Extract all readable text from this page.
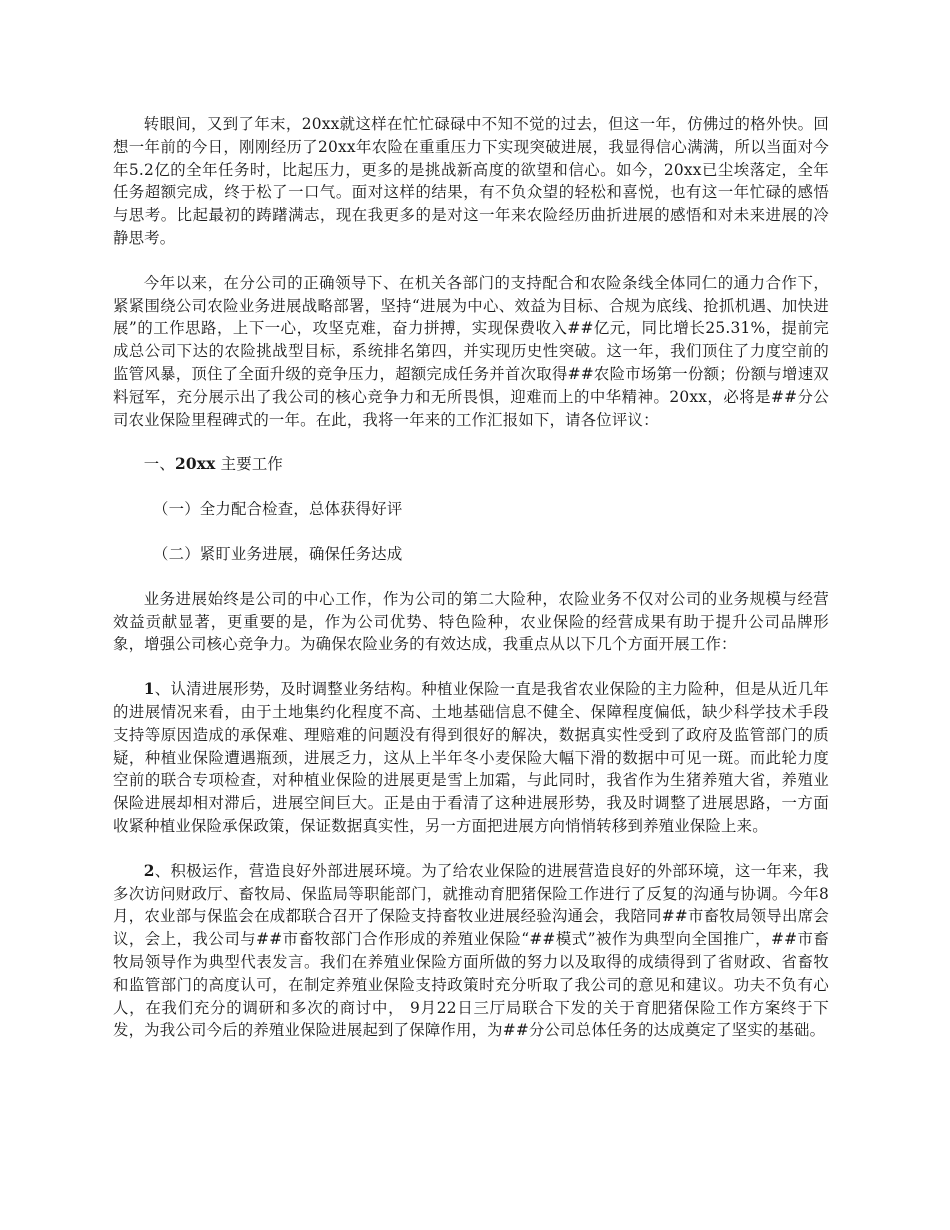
转眼间，又到了年末，20xx就这样在忙忙碌碌中不知不觉的过去，但这一年，仿佛过的格外快。回想一年前的今日，刚刚经历了20xx年农险在重重压力下实现突破进展，我显得信心满满，所以当面对今年5.2亿的全年任务时，比起压力，更多的是挑战新高度的欲望和信心。如今，20xx已尘埃落定，全年任务超额完成，终于松了一口气。面对这样的结果，有不负众望的轻松和喜悦，也有这一年忙碌的感悟与思考。比起最初的踌躇满志，现在我更多的是对这一年来农险经历曲折进展的感悟和对未来进展的冷静思考。

今年以来，在分公司的正确领导下、在机关各部门的支持配合和农险条线全体同仁的通力合作下，紧紧围绕公司农险业务进展战略部署，坚持“进展为中心、效益为目标、合规为底线、抢抓机遇、加快进展”的工作思路，上下一心，攻坚克难，奋力拼搏，实现保费收入##亿元，同比增长25.31%，提前完成总公司下达的农险挑战型目标，系统排名第四，并实现历史性突破。这一年，我们顶住了力度空前的监管风暴，顶住了全面升级的竞争压力，超额完成任务并首次取得##农险市场第一份额；份额与增速双料冠军，充分展示出了我公司的核心竞争力和无所畏惧，迎难而上的中华精神。20xx，必将是##分公司农业保险里程碑式的一年。在此，我将一年来的工作汇报如下，请各位评议：

一、20xx 主要工作

（一）全力配合检查，总体获得好评

（二）紧盯业务进展，确保任务达成

业务进展始终是公司的中心工作，作为公司的第二大险种，农险业务不仅对公司的业务规模与经营效益贡献显著，更重要的是，作为公司优势、特色险种，农业保险的经营成果有助于提升公司品牌形象，增强公司核心竞争力。为确保农险业务的有效达成，我重点从以下几个方面开展工作：

1、认清进展形势，及时调整业务结构。种植业保险一直是我省农业保险的主力险种，但是从近几年的进展情况来看，由于土地集约化程度不高、土地基础信息不健全、保障程度偏低，缺少科学技术手段支持等原因造成的承保难、理赔难的问题没有得到很好的解决，数据真实性受到了政府及监管部门的质疑，种植业保险遭遇瓶颈，进展乏力，这从上半年冬小麦保险大幅下滑的数据中可见一斑。而此轮力度空前的联合专项检查，对种植业保险的进展更是雪上加霜，与此同时，我省作为生猪养殖大省，养殖业保险进展却相对滞后，进展空间巨大。正是由于看清了这种进展形势，我及时调整了进展思路，一方面收紧种植业保险承保政策，保证数据真实性，另一方面把进展方向悄悄转移到养殖业保险上来。

2、积极运作，营造良好外部进展环境。为了给农业保险的进展营造良好的外部环境，这一年来，我多次访问财政厅、畜牧局、保监局等职能部门，就推动育肥猪保险工作进行了反复的沟通与协调。今年8月，农业部与保监会在成都联合召开了保险支持畜牧业进展经验沟通会，我陪同##市畜牧局领导出席会议，会上，我公司与##市畜牧部门合作形成的养殖业保险“##模式”被作为典型向全国推广，##市畜牧局领导作为典型代表发言。我们在养殖业保险方面所做的努力以及取得的成绩得到了省财政、省畜牧和监管部门的高度认可，在制定养殖业保险支持政策时充分听取了我公司的意见和建议。功夫不负有心人，在我们充分的调研和多次的商讨中， 9月22日三厅局联合下发的关于育肥猪保险工作方案终于下发，为我公司今后的养殖业保险进展起到了保障作用，为##分公司总体任务的达成奠定了坚实的基础。
